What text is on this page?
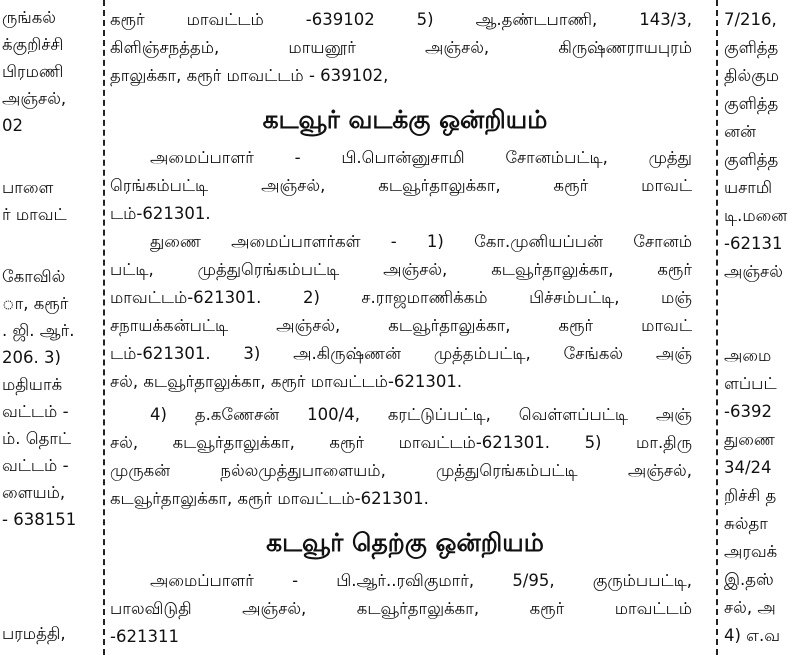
ருங்கல்
க்குறிச்சி
பிரமணி
அஞ்சல்,
02
பாளை
ர் மாவட்
கோவில்
ா, கரூர்
. ஜி. ஆர்.
206. 3)
மதியாக்
வட்டம் -
ம். தொட்
வட்டம் -
ளையம்,
- 638151
பரமத்தி,
கரூர் மாவட்டம் -639102 5) ஆ.தண்டபாணி, 143/3,
கிளிஞ்சநத்தம், மாயனூர் அஞ்சல், கிருஷ்ணராயபுரம்
தாலுக்கா, கரூர் மாவட்டம் - 639102,
கடவூர் வடக்கு ஒன்றியம்
அமைப்பாளர் - பி.பொன்னுசாமி சோனம்பட்டி, முத்து
ரெங்கம்பட்டி அஞ்சல், கடவூர்தாலுக்கா, கரூர் மாவட்
டம்-621301.
துணை அமைப்பாளர்கள் - 1) கோ.முனியப்பன் சோனம்
பட்டி, முத்துரெங்கம்பட்டி அஞ்சல், கடவூர்தாலுக்கா, கரூர்
மாவட்டம்-621301. 2) ச.ராஜமாணிக்கம் பிச்சம்பட்டி, மஞ்
சநாயக்கன்பட்டி அஞ்சல், கடவூர்தாலுக்கா, கரூர் மாவட்
டம்-621301. 3) அ.கிருஷ்ணன் முத்தம்பட்டி, சேங்கல் அஞ்
சல், கடவூர்தாலுக்கா, கரூர் மாவட்டம்-621301.
4) த.கணேசன் 100/4, கரட்டுப்பட்டி, வெள்ளப்பட்டி அஞ்
சல், கடவூர்தாலுக்கா, கரூர் மாவட்டம்-621301. 5) மா.திரு
முருகன் நல்லமுத்துபாளையம், முத்துரெங்கம்பட்டி அஞ்சல்,
கடவூர்தாலுக்கா, கரூர் மாவட்டம்-621301.
கடவூர் தெற்கு ஒன்றியம்
அமைப்பாளர் - பி.ஆர்..ரவிகுமார், 5/95, குரும்பபட்டி,
பாலவிடுதி அஞ்சல், கடவூர்தாலுக்கா, கரூர் மாவட்டம்
-621311
7/216,
குளித்த
தில்கும
குளித்த
னன்
குளித்த
யசாமி
டி.மனை
-62131
அஞ்சல்
அமை
ளப்பட்
-6392
துணை
34/24
றிச்சி த
சுல்தா
அரவக்
இ.தஸ்
சல், அ
4) எ.வ
